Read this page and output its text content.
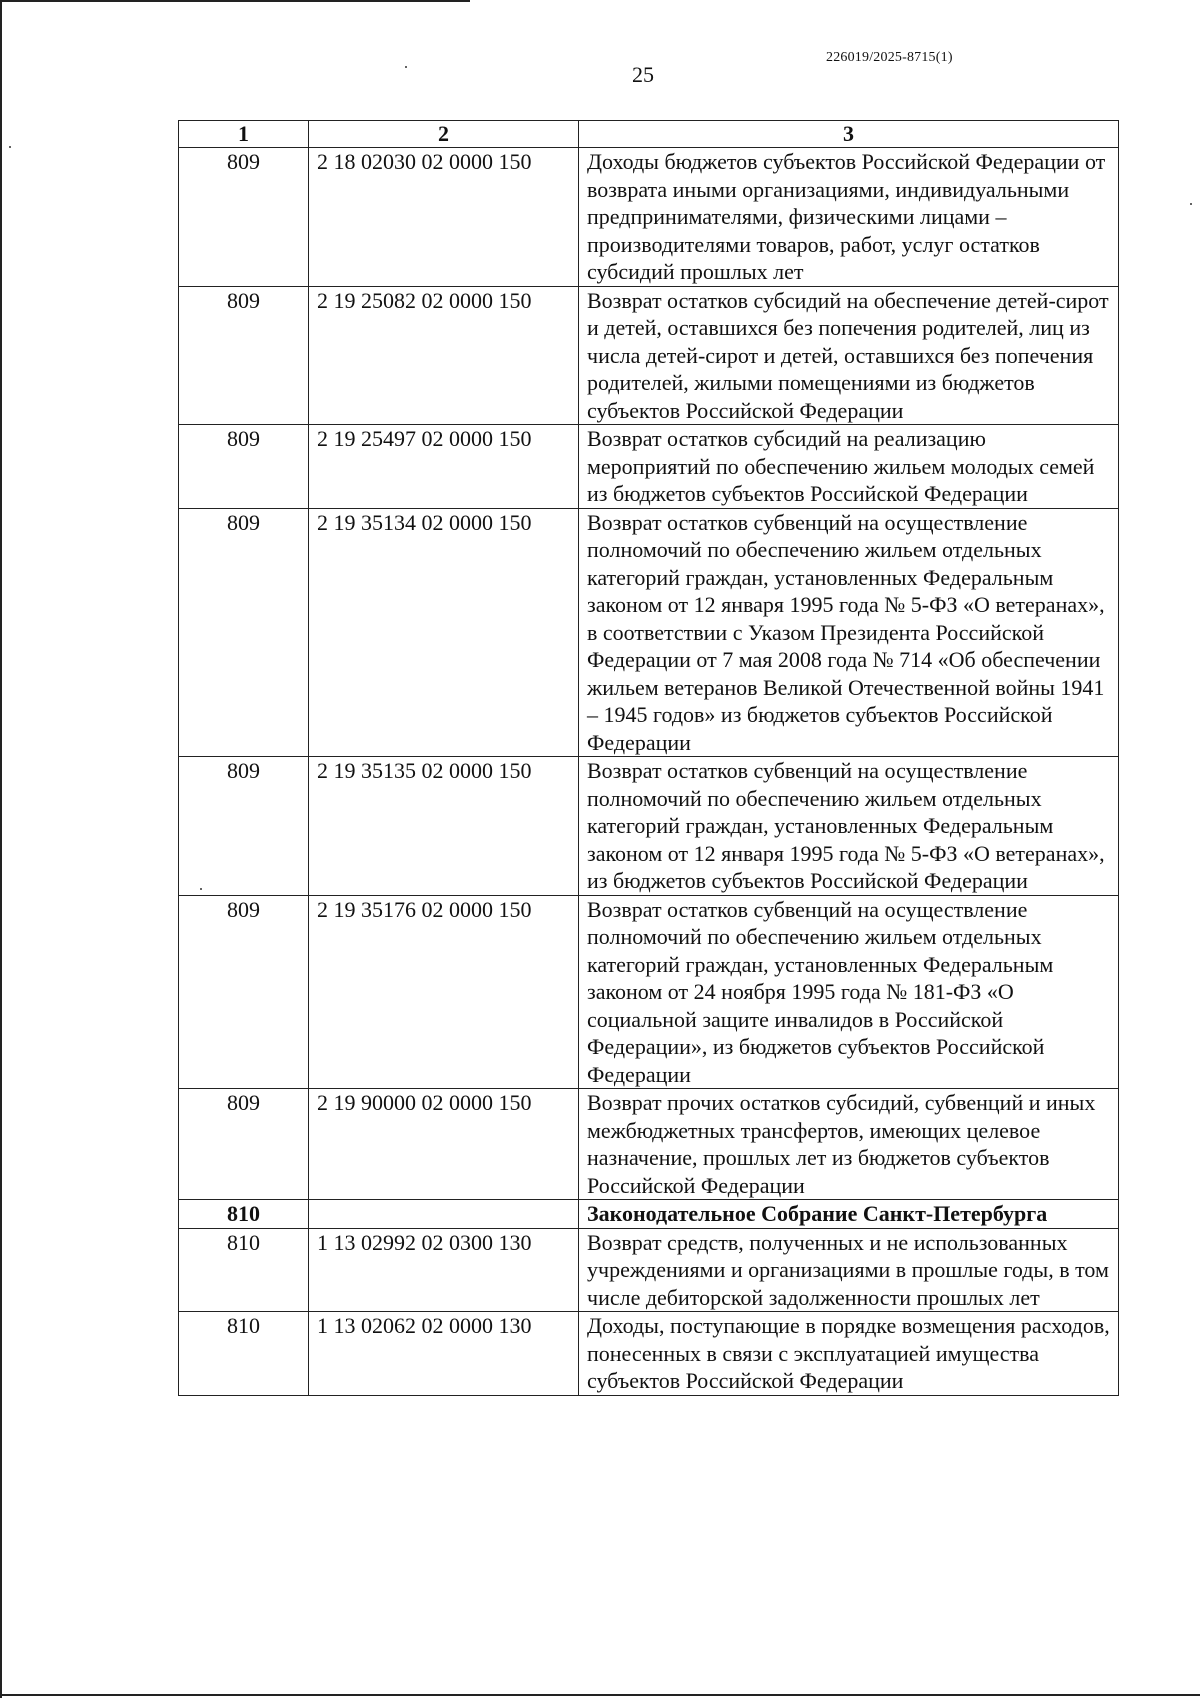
226019/2025-8715(1)
25
1	2	3
809	2 18 02030 02 0000 150	Доходы бюджетов субъектов Российской Федерации от возврата иными организациями, индивидуальными предпринимателями, физическими лицами – производителями товаров, работ, услуг остатков субсидий прошлых лет
809	2 19 25082 02 0000 150	Возврат остатков субсидий на обеспечение детей-сирот и детей, оставшихся без попечения родителей, лиц из числа детей-сирот и детей, оставшихся без попечения родителей, жилыми помещениями из бюджетов субъектов Российской Федерации
809	2 19 25497 02 0000 150	Возврат остатков субсидий на реализацию мероприятий по обеспечению жильем молодых семей из бюджетов субъектов Российской Федерации
809	2 19 35134 02 0000 150	Возврат остатков субвенций на осуществление полномочий по обеспечению жильем отдельных категорий граждан, установленных Федеральным законом от 12 января 1995 года № 5-ФЗ «О ветеранах», в соответствии с Указом Президента Российской Федерации от 7 мая 2008 года № 714 «Об обеспечении жильем ветеранов Великой Отечественной войны 1941 – 1945 годов» из бюджетов субъектов Российской Федерации
809	2 19 35135 02 0000 150	Возврат остатков субвенций на осуществление полномочий по обеспечению жильем отдельных категорий граждан, установленных Федеральным законом от 12 января 1995 года № 5-ФЗ «О ветеранах», из бюджетов субъектов Российской Федерации
809	2 19 35176 02 0000 150	Возврат остатков субвенций на осуществление полномочий по обеспечению жильем отдельных категорий граждан, установленных Федеральным законом от 24 ноября 1995 года № 181-ФЗ «О социальной защите инвалидов в Российской Федерации», из бюджетов субъектов Российской Федерации
809	2 19 90000 02 0000 150	Возврат прочих остатков субсидий, субвенций и иных межбюджетных трансфертов, имеющих целевое назначение, прошлых лет из бюджетов субъектов Российской Федерации
810		Законодательное Собрание Санкт-Петербурга
810	1 13 02992 02 0300 130	Возврат средств, полученных и не использованных учреждениями и организациями в прошлые годы, в том числе дебиторской задолженности прошлых лет
810	1 13 02062 02 0000 130	Доходы, поступающие в порядке возмещения расходов, понесенных в связи с эксплуатацией имущества субъектов Российской Федерации
